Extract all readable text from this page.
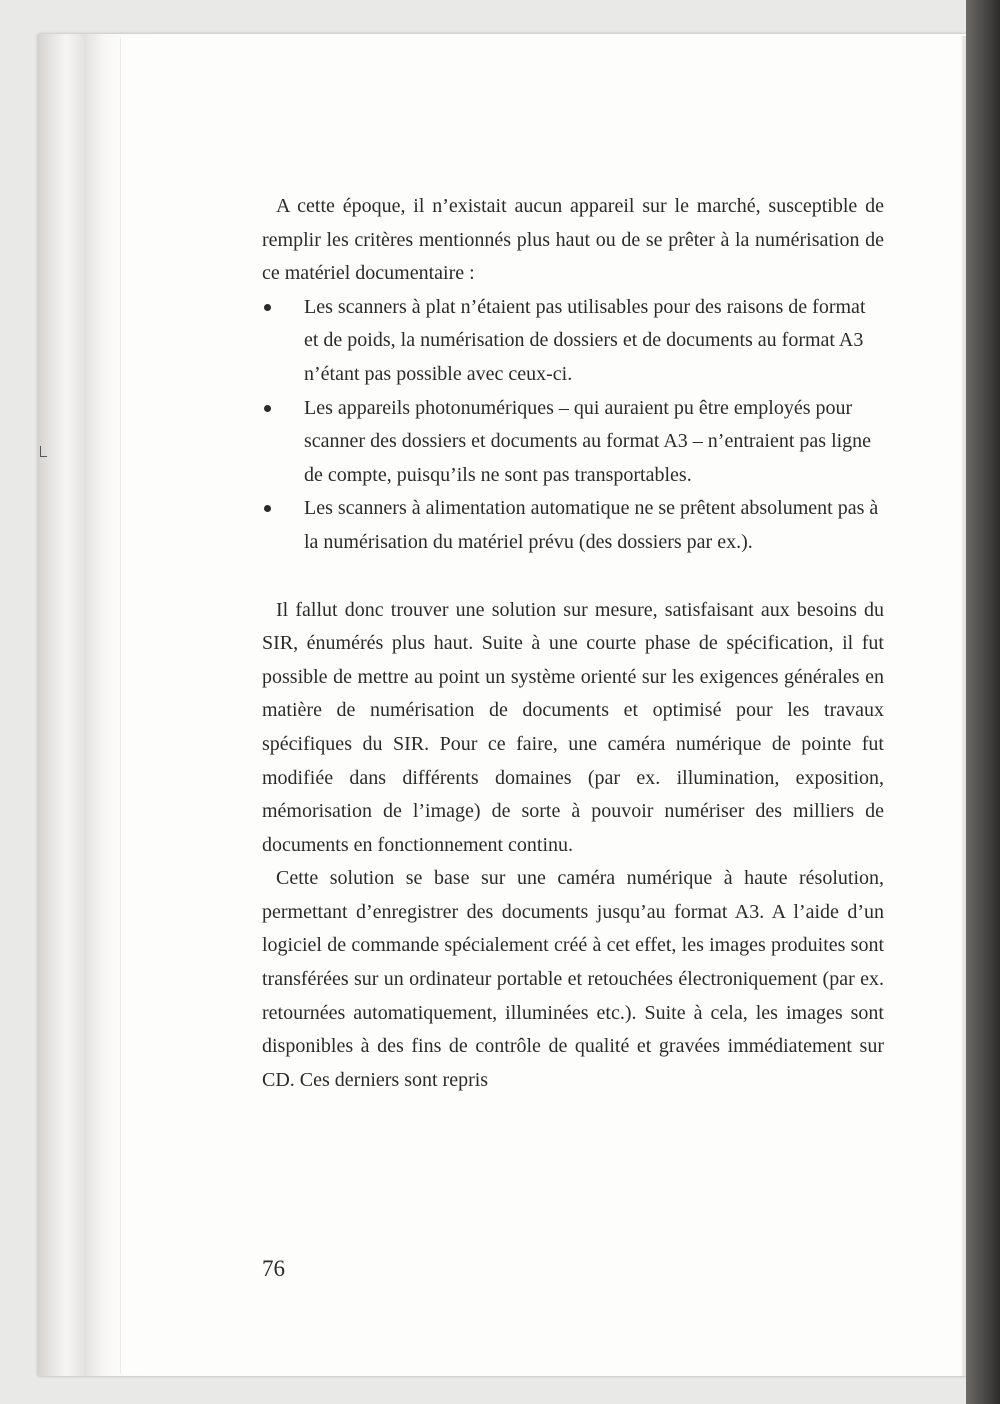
A cette époque, il n’existait aucun appareil sur le marché, susceptible de remplir les critères mentionnés plus haut ou de se prêter à la numérisation de ce matériel documentaire :

Les scanners à plat n’étaient pas utilisables pour des raisons de format et de poids, la numérisation de dossiers et de documents au format A3 n’étant pas possible avec ceux-ci.
Les appareils photonumériques – qui auraient pu être employés pour scanner des dossiers et documents au format A3 – n’entraient pas ligne de compte, puisqu’ils ne sont pas transportables.
Les scanners à alimentation automatique ne se prêtent absolument pas à la numérisation du matériel prévu (des dossiers par ex.).

Il fallut donc trouver une solution sur mesure, satisfaisant aux besoins du SIR, énumérés plus haut. Suite à une courte phase de spécification, il fut possible de mettre au point un système orienté sur les exigences générales en matière de numérisation de documents et optimisé pour les travaux spécifiques du SIR. Pour ce faire, une caméra numérique de pointe fut modifiée dans différents domaines (par ex. illumination, exposition, mémorisation de l’image) de sorte à pouvoir numériser des milliers de documents en fonctionnement continu.

Cette solution se base sur une caméra numérique à haute résolution, permettant d’enregistrer des documents jusqu’au format A3. A l’aide d’un logiciel de commande spécialement créé à cet effet, les images produites sont transférées sur un ordinateur portable et retouchées électroniquement (par ex. retournées automatiquement, illuminées etc.). Suite à cela, les images sont disponibles à des fins de contrôle de qualité et gravées immédiatement sur CD. Ces derniers sont repris

76
